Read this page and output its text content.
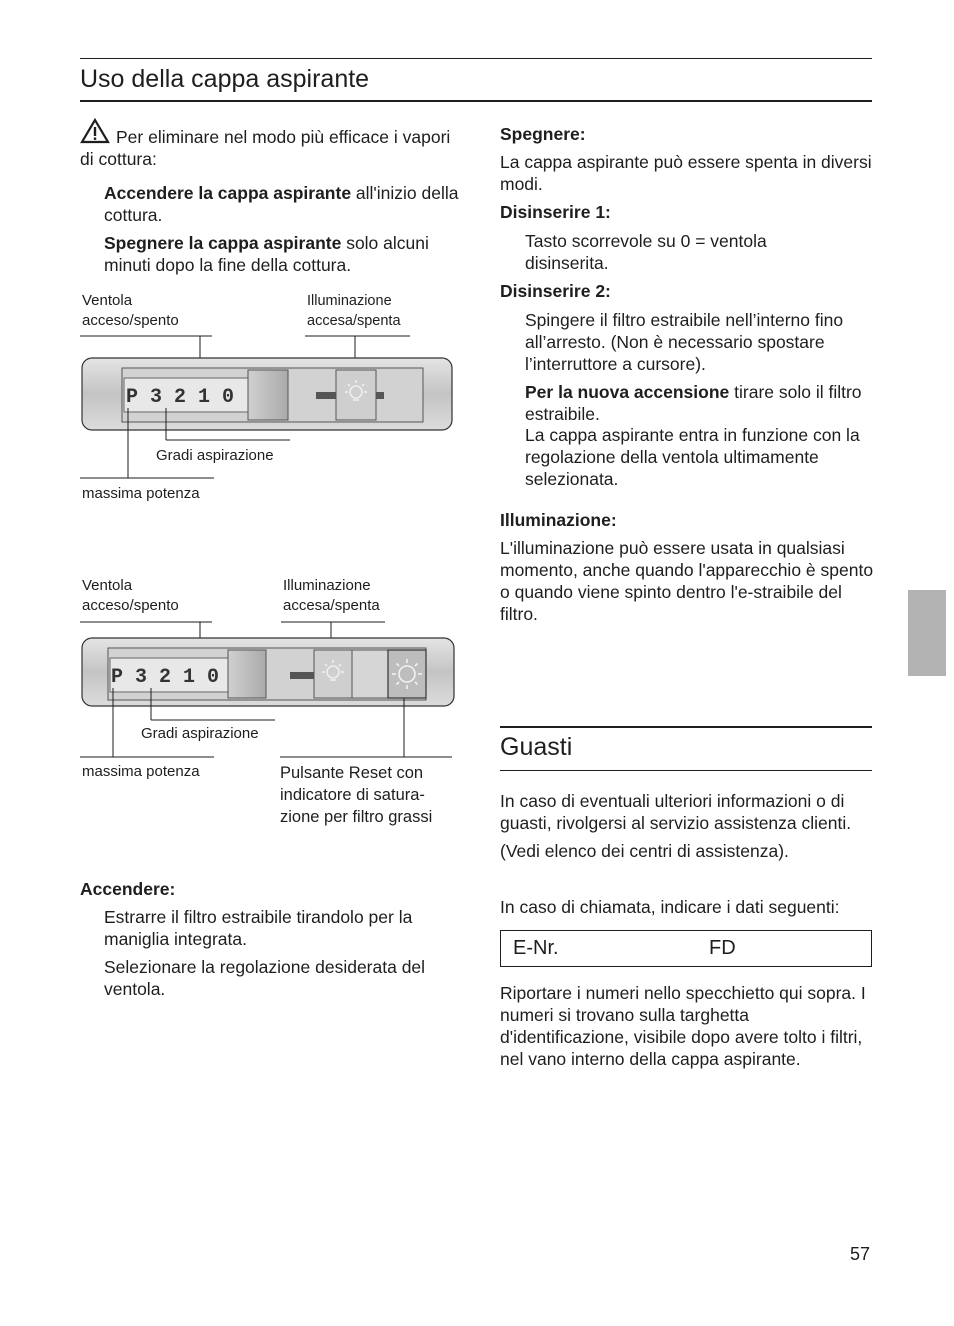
Uso della cappa aspirante
Per eliminare nel modo più efficace i vapori di cottura:
Accendere la cappa aspirante all'inizio della cottura.
Spegnere la cappa aspirante solo alcuni minuti dopo la fine della cottura.
Ventola
acceso/spento
Illuminazione
accesa/spenta
P 3 2 1 0
Gradi aspirazione
massima potenza
Ventola
acceso/spento
Illuminazione
accesa/spenta
P 3 2 1 0
Gradi aspirazione
massima potenza	Pulsante Reset con
indicatore di satura-
zione per filtro grassi
Accendere:
Estrarre il filtro estraibile tirandolo per la maniglia integrata.
Selezionare la regolazione desiderata del ventola.
Spegnere:
La cappa aspirante può essere spenta in diversi modi.
Disinserire 1:
Tasto scorrevole su 0 = ventola disinserita.
Disinserire 2:
Spingere il filtro estraibile nell’interno fino all’arresto. (Non è necessario spostare l’interruttore a cursore).
Per la nuova accensione tirare solo il filtro estraibile.
La cappa aspirante entra in funzione con la regolazione della ventola ultimamente selezionata.
Illuminazione:
L'illuminazione può essere usata in qualsiasi momento, anche quando l'apparecchio è spento o quando viene spinto dentro l'e-straibile del filtro.
Guasti
In caso di eventuali ulteriori informazioni o di guasti, rivolgersi al servizio assistenza clienti.
(Vedi elenco dei centri di assistenza).
In caso di chiamata, indicare i dati seguenti:
E-Nr.	FD
Riportare i numeri nello specchietto qui sopra. I numeri si trovano sulla targhetta d'identificazione, visibile dopo avere tolto i filtri, nel vano interno della cappa aspirante.
57
